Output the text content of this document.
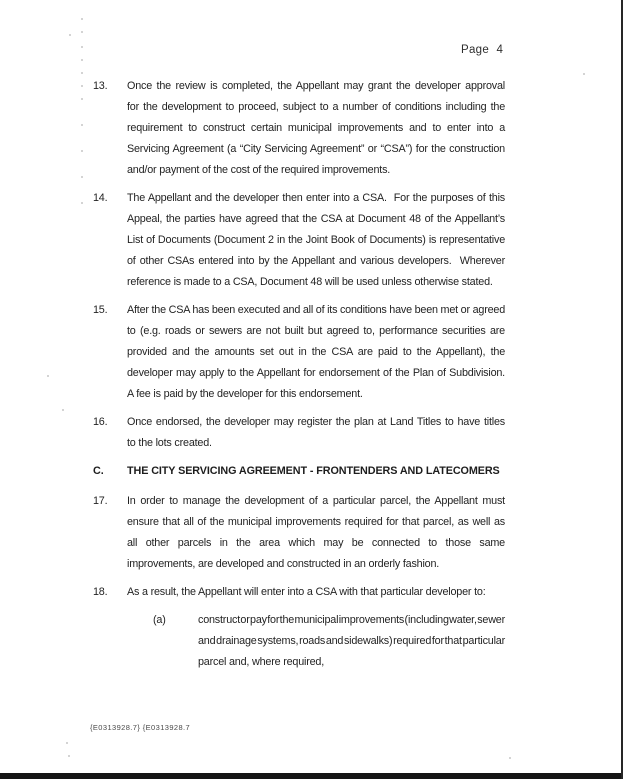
Page 4
13.	Once the review is completed, the Appellant may grant the developer approval
for the development to proceed, subject to a number of conditions including the
requirement to construct certain municipal improvements and to enter into a
Servicing Agreement (a “City Servicing Agreement” or “CSA”) for the construction
and/or payment of the cost of the required improvements.
14.	The Appellant and the developer then enter into a CSA.  For the purposes of this
Appeal, the parties have agreed that the CSA at Document 48 of the Appellant’s
List of Documents (Document 2 in the Joint Book of Documents) is representative
of other CSAs entered into by the Appellant and various developers.  Wherever
reference is made to a CSA, Document 48 will be used unless otherwise stated.
15.	After the CSA has been executed and all of its conditions have been met or agreed
to (e.g. roads or sewers are not built but agreed to, performance securities are
provided and the amounts set out in the CSA are paid to the Appellant), the
developer may apply to the Appellant for endorsement of the Plan of Subdivision.
A fee is paid by the developer for this endorsement.
16.	Once endorsed, the developer may register the plan at Land Titles to have titles
to the lots created.
C.	THE CITY SERVICING AGREEMENT - FRONTENDERS AND LATECOMERS
17.	In order to manage the development of a particular parcel, the Appellant must
ensure that all of the municipal improvements required for that parcel, as well as
all other parcels in the area which may be connected to those same
improvements, are developed and constructed in an orderly fashion.
18.	As a result, the Appellant will enter into a CSA with that particular developer to:
(a)	construct or pay for the municipal improvements (including water, sewer
and drainage systems, roads and sidewalks) required for that particular
parcel and, where required,
{E0313928.7} {E0313928.7
